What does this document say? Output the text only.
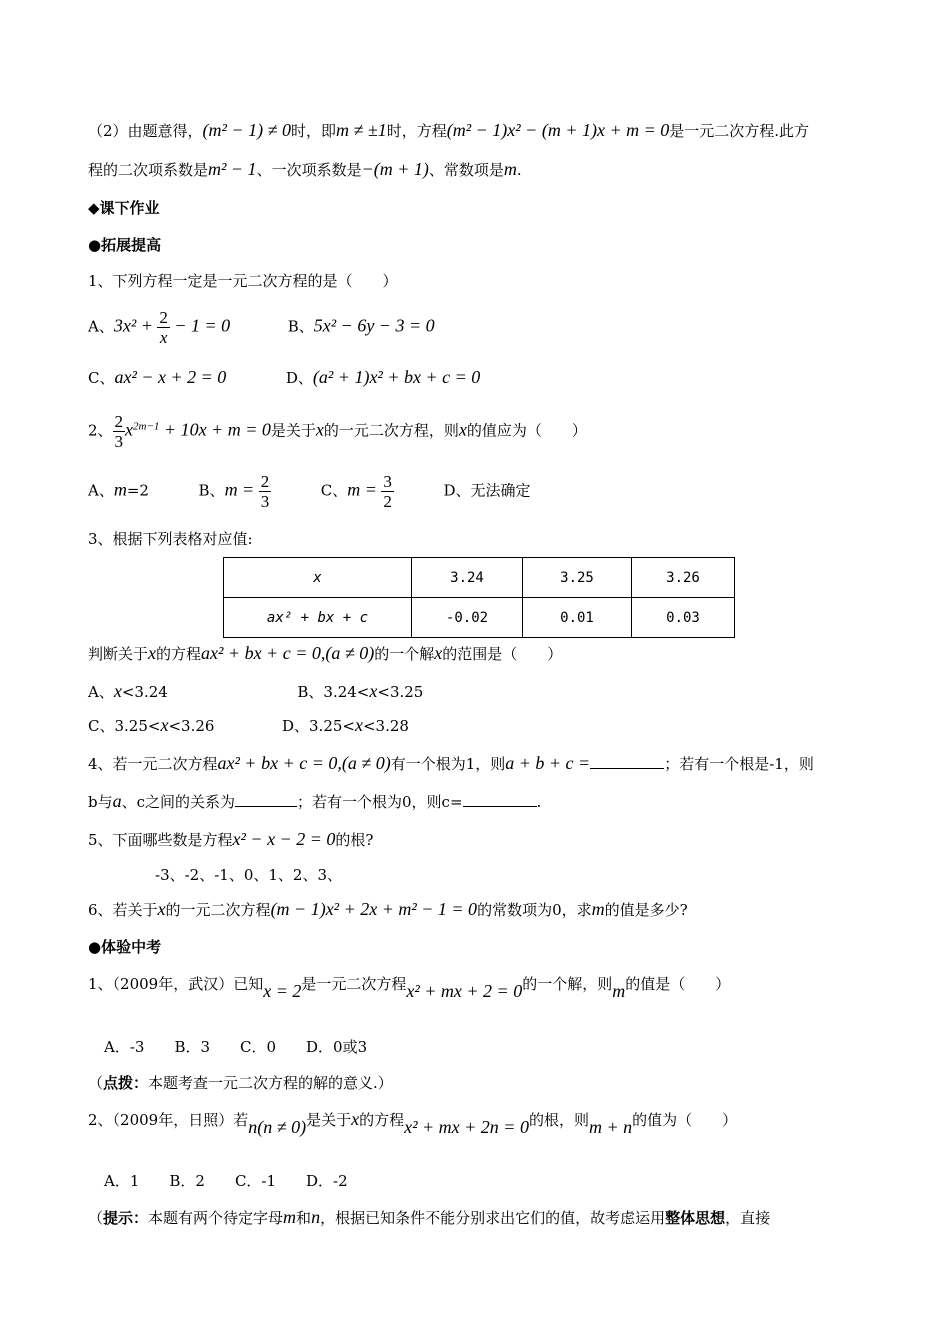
（2）由题意得，(m² − 1) ≠ 0时，即m ≠ ±1时，方程(m² − 1)x² − (m + 1)x + m = 0是一元二次方程.此方
程的二次项系数是m² − 1、一次项系数是−(m + 1)、常数项是m.
◆课下作业
●拓展提高
1、下列方程一定是一元二次方程的是（　　）
A、$3x^2 + \frac{2}{x} - 1 = 0$	B、5x² − 6y − 3 = 0
C、ax² − x + 2 = 0	D、(a² + 1)x² + bx + c = 0
2、 $\frac{2}{3} x^{2m-1} + 10x + m = 0$是关于x的一元二次方程，则x的值应为（　　）
A、m=2	B、$m = \frac{2}{3}$	C、$m = \frac{3}{2}$	D、无法确定
3、根据下列表格对应值:
x	3.24	3.25	3.26
ax² + bx + c	-0.02	0.01	0.03
判断关于x的方程ax² + bx + c = 0,(a ≠ 0)的一个解x的范围是（　　）
A、x<3.24	B、3.24<x<3.25
C、3.25<x<3.26	D、3.25<x<3.28
4、若一元二次方程ax² + bx + c = 0,(a ≠ 0)有一个根为1，则a + b + c =	；若有一个根是-1，则
b与a、c之间的关系为	；若有一个根为0，则c=	.
5、下面哪些数是方程x² − x − 2 = 0的根?
-3、-2、-1、0、1、2、3、
6、若关于x的一元二次方程(m − 1)x² + 2x + m² − 1 = 0的常数项为0，求m的值是多少?
●体验中考
1、（2009年，武汉）已知x = 2是一元二次方程x² + mx + 2 = 0的一个解，则m的值是（　　）
A．-3　　B．3　　C．0　　D．0或3
（点拨：本题考查一元二次方程的解的意义.）
2、（2009年，日照）若n(n ≠ 0)是关于x的方程x² + mx + 2n = 0的根，则m + n的值为（　　）
A．1　　B．2　　C．-1　　D．-2
（提示：本题有两个待定字母m和n，根据已知条件不能分别求出它们的值，故考虑运用整体思想，直接
